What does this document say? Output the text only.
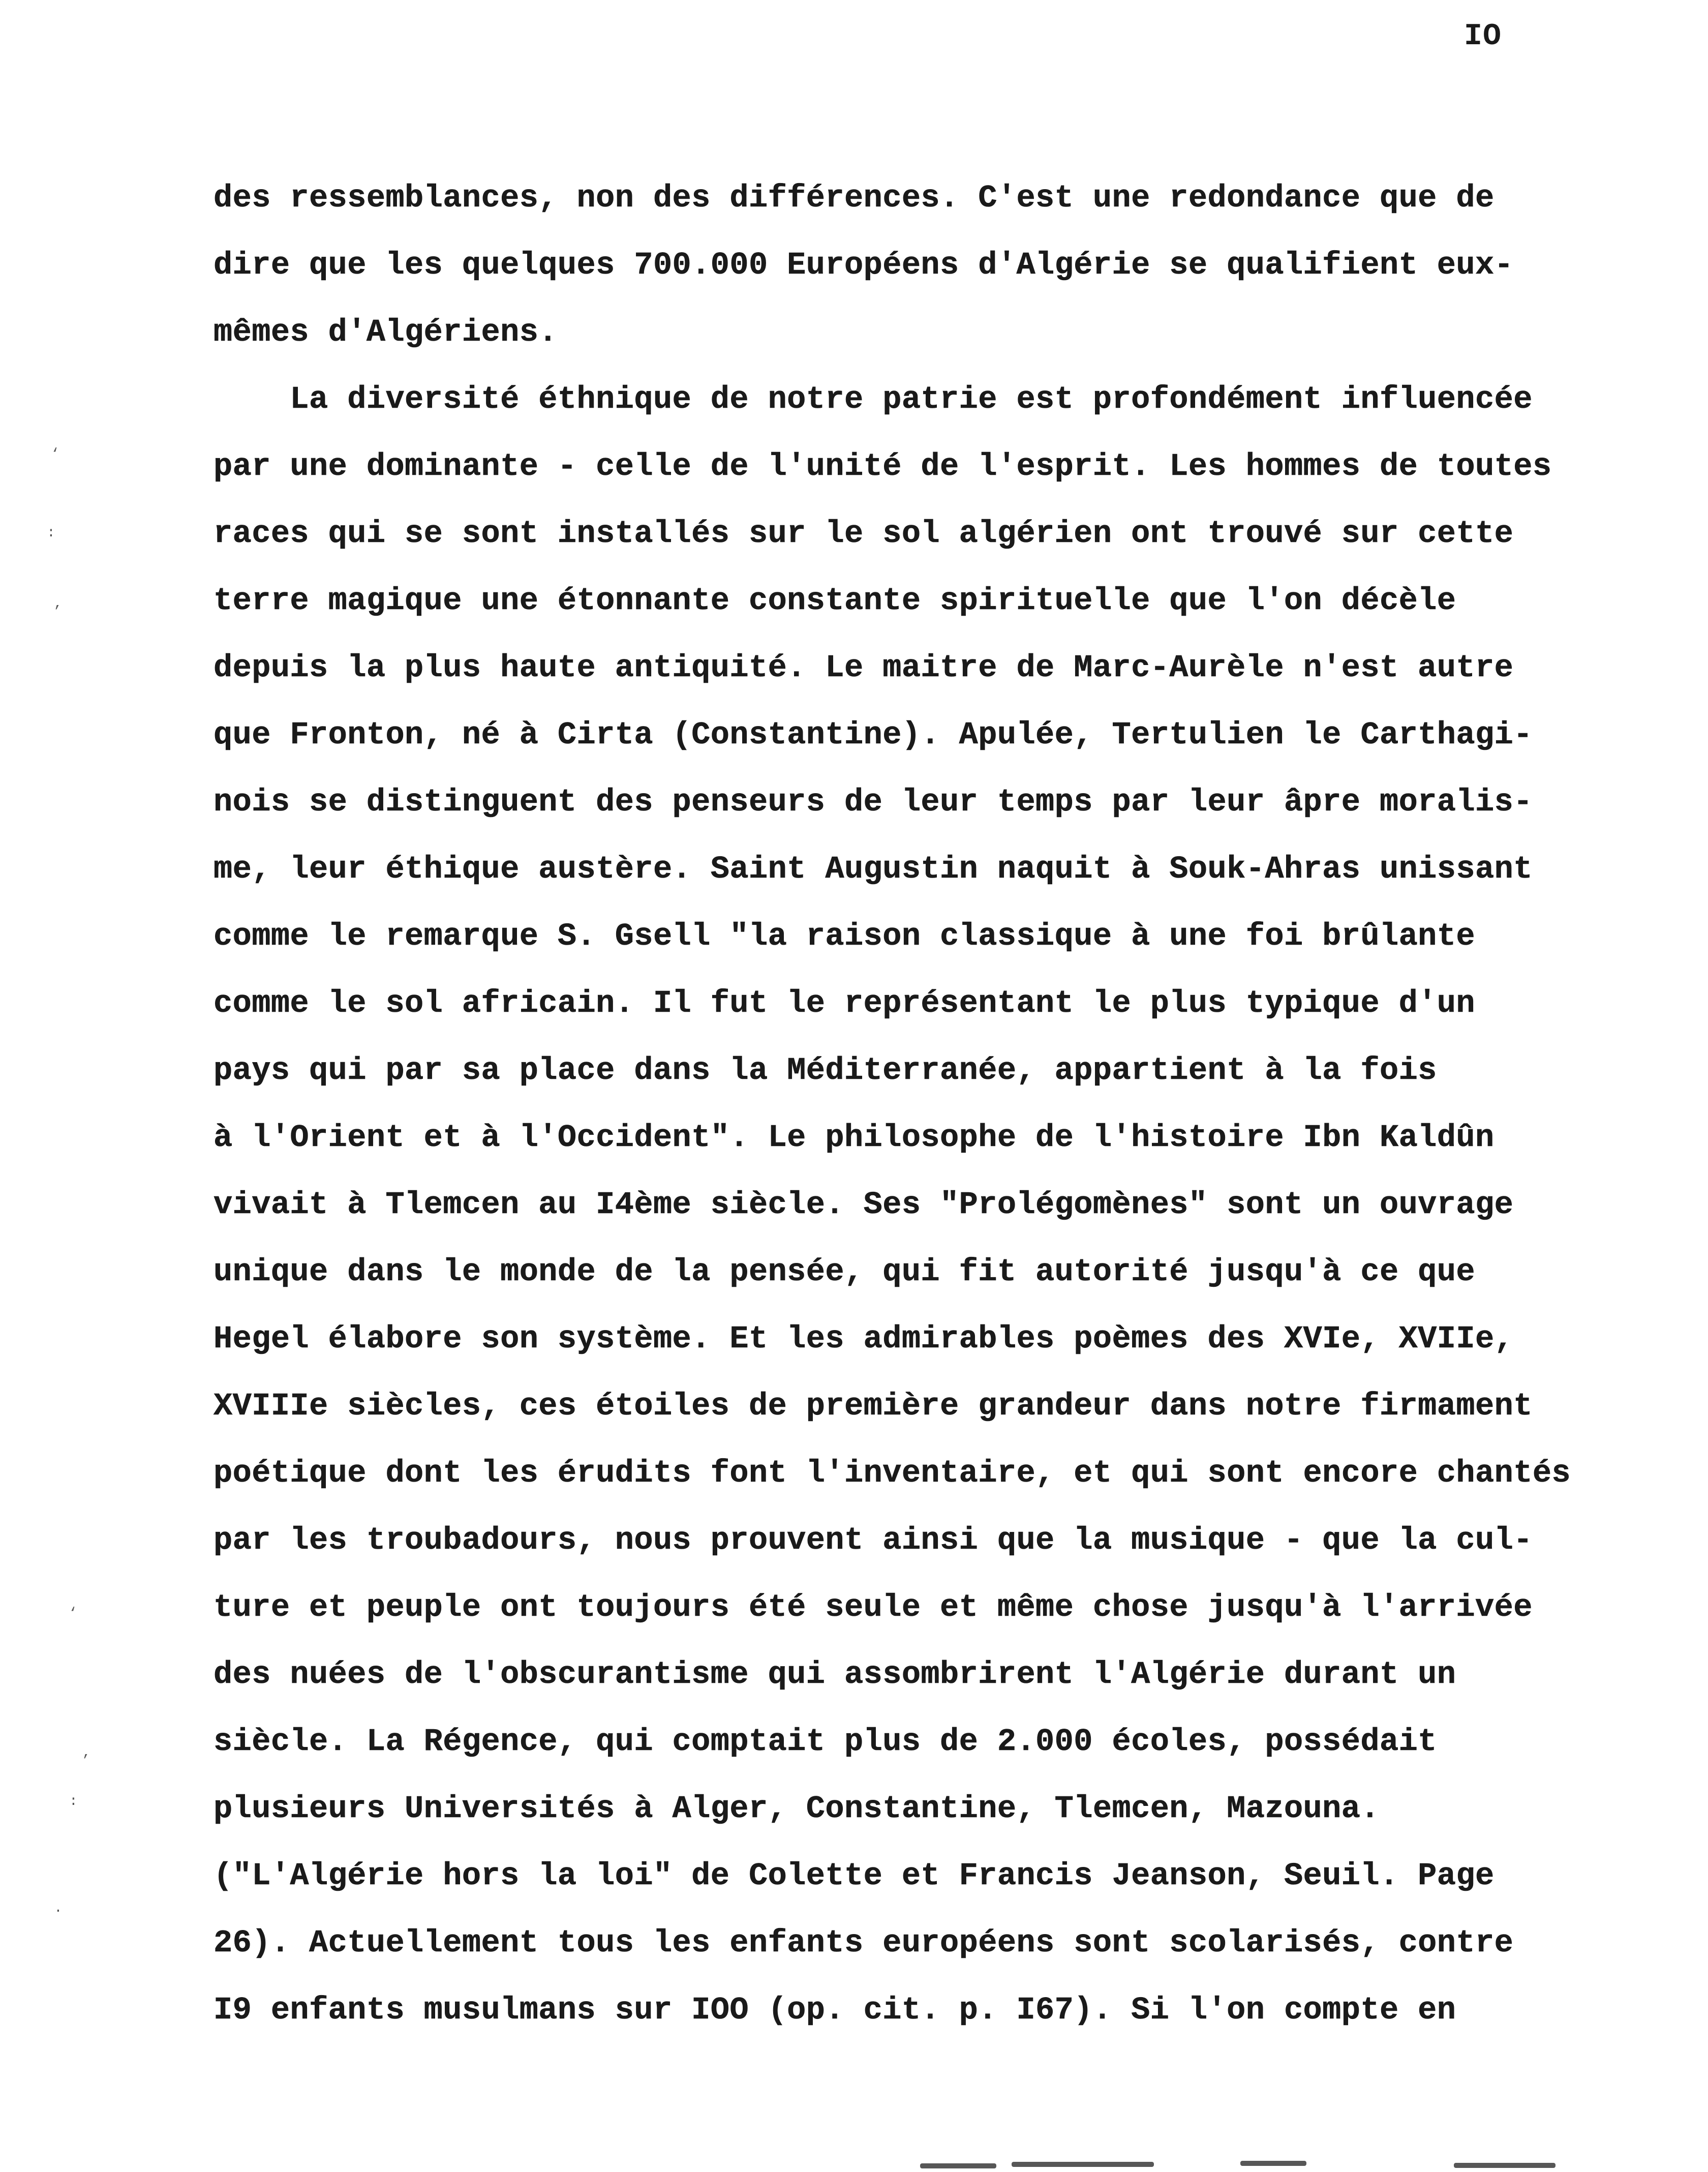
IO
des ressemblances, non des différences. C'est une redondance que de
dire que les quelques 700.000 Européens d'Algérie se qualifient eux-
mêmes d'Algériens.
La diversité éthnique de notre patrie est profondément influencée
par une dominante - celle de l'unité de l'esprit. Les hommes de toutes
races qui se sont installés sur le sol algérien ont trouvé sur cette
terre magique une étonnante constante spirituelle que l'on décèle
depuis la plus haute antiquité. Le maitre de Marc-Aurèle n'est autre
que Fronton, né à Cirta (Constantine). Apulée, Tertulien le Carthagi-
nois se distinguent des penseurs de leur temps par leur âpre moralis-
me, leur éthique austère. Saint Augustin naquit à Souk-Ahras unissant
comme le remarque S. Gsell "la raison classique à une foi brûlante
comme le sol africain. Il fut le représentant le plus typique d'un
pays qui par sa place dans la Méditerranée, appartient à la fois
à l'Orient et à l'Occident". Le philosophe de l'histoire Ibn Kaldûn
vivait à Tlemcen au I4ème siècle. Ses "Prolégomènes" sont un ouvrage
unique dans le monde de la pensée, qui fit autorité jusqu'à ce que
Hegel élabore son système. Et les admirables poèmes des XVIe, XVIIe,
XVIIIe siècles, ces étoiles de première grandeur dans notre firmament
poétique dont les érudits font l'inventaire, et qui sont encore chantés
par les troubadours, nous prouvent ainsi que la musique - que la cul-
ture et peuple ont toujours été seule et même chose jusqu'à l'arrivée
des nuées de l'obscurantisme qui assombrirent l'Algérie durant un
siècle. La Régence, qui comptait plus de 2.000 écoles, possédait
plusieurs Universités à Alger, Constantine, Tlemcen, Mazouna.
("L'Algérie hors la loi" de Colette et Francis Jeanson, Seuil. Page
26). Actuellement tous les enfants européens sont scolarisés, contre
I9 enfants musulmans sur IOO (op. cit. p. I67). Si l'on compte en
‘
:
’
‘
’
:
.
